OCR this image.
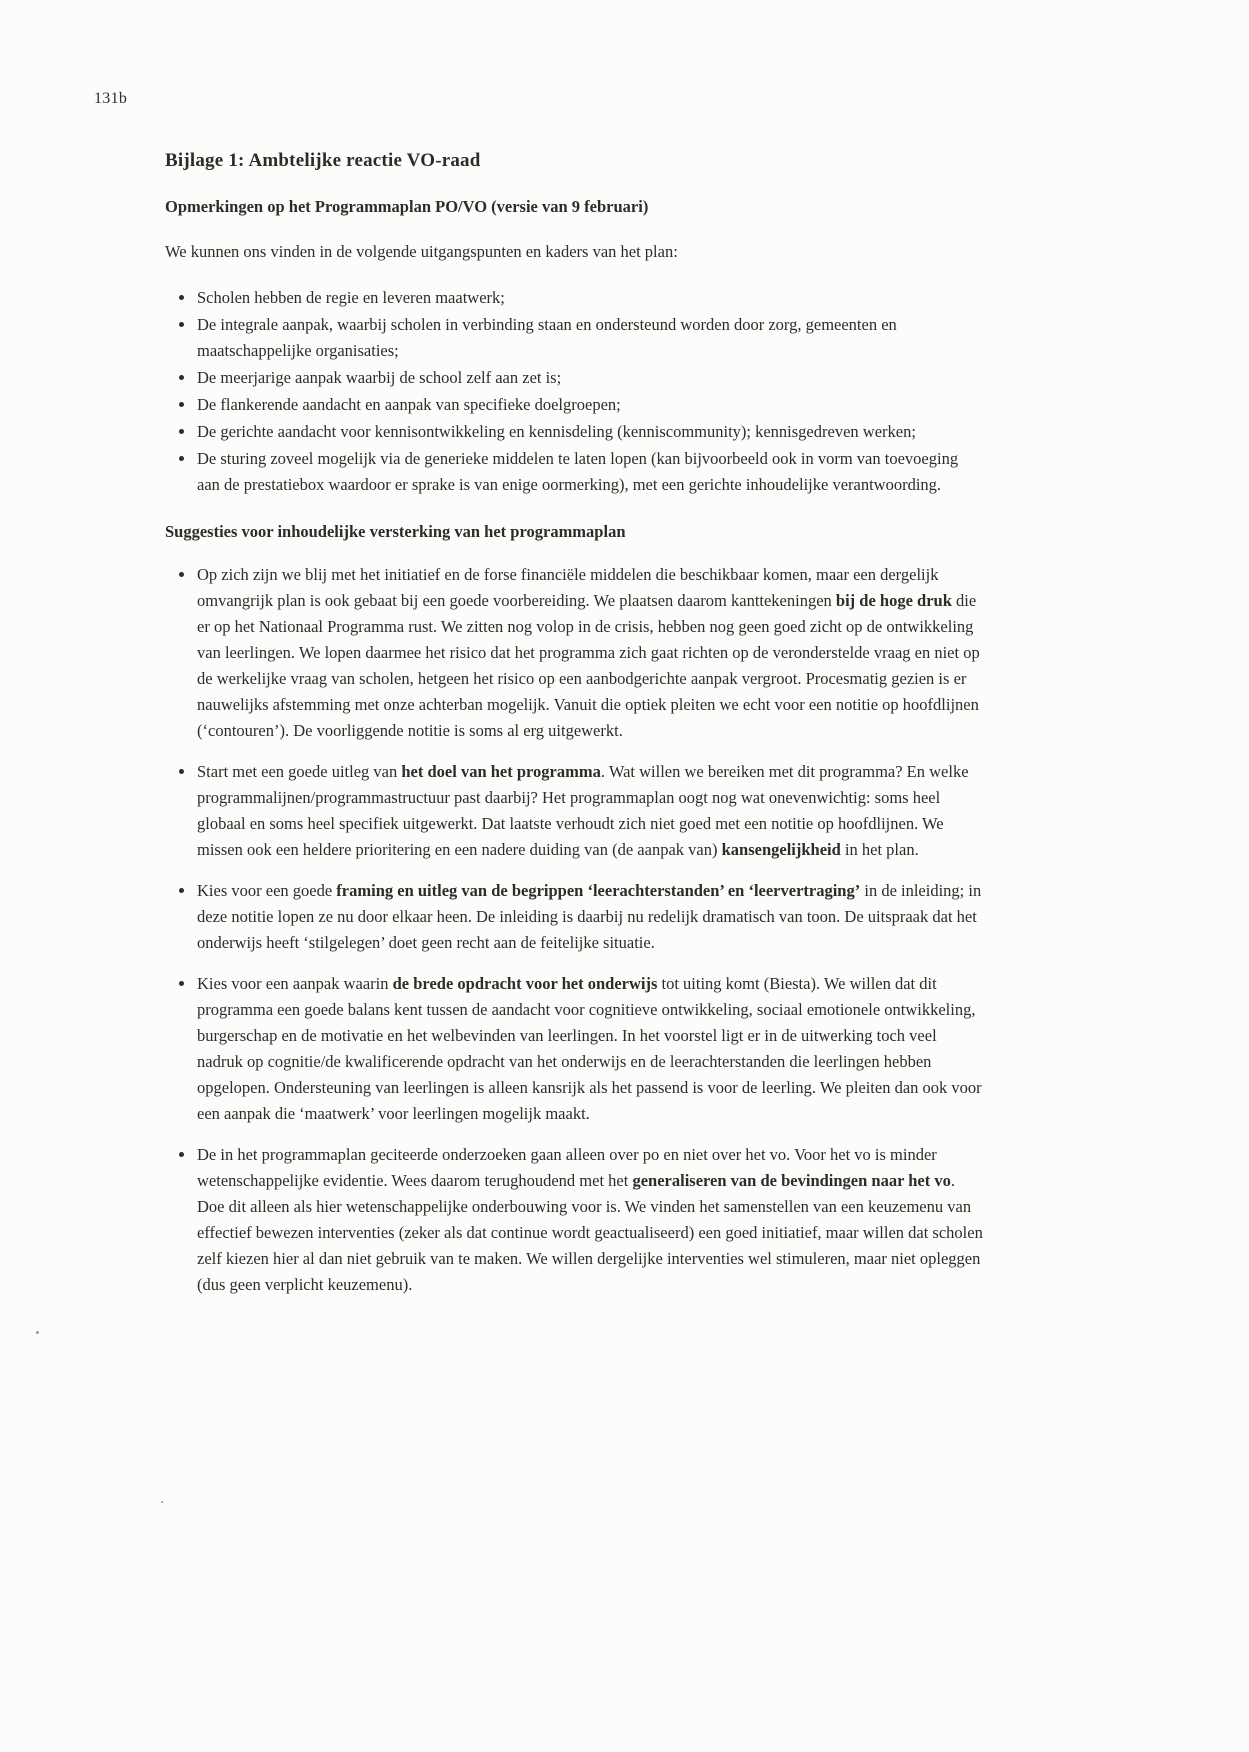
131b
Bijlage 1: Ambtelijke reactie VO-raad
Opmerkingen op het Programmaplan PO/VO (versie van 9 februari)

We kunnen ons vinden in de volgende uitgangspunten en kaders van het plan:

• Scholen hebben de regie en leveren maatwerk;
• De integrale aanpak, waarbij scholen in verbinding staan en ondersteund worden door zorg, gemeenten en maatschappelijke organisaties;
• De meerjarige aanpak waarbij de school zelf aan zet is;
• De flankerende aandacht en aanpak van specifieke doelgroepen;
• De gerichte aandacht voor kennisontwikkeling en kennisdeling (kenniscommunity); kennisgedreven werken;
• De sturing zoveel mogelijk via de generieke middelen te laten lopen (kan bijvoorbeeld ook in vorm van toevoeging aan de prestatiebox waardoor er sprake is van enige oormerking), met een gerichte inhoudelijke verantwoording.
Suggesties voor inhoudelijke versterking van het programmaplan
• Op zich zijn we blij met het initiatief en de forse financiële middelen die beschikbaar komen, maar een dergelijk omvangrijk plan is ook gebaat bij een goede voorbereiding. We plaatsen daarom kanttekeningen bij de hoge druk die er op het Nationaal Programma rust. We zitten nog volop in de crisis, hebben nog geen goed zicht op de ontwikkeling van leerlingen. We lopen daarmee het risico dat het programma zich gaat richten op de veronderstelde vraag en niet op de werkelijke vraag van scholen, hetgeen het risico op een aanbodgerichte aanpak vergroot. Procesmatig gezien is er nauwelijks afstemming met onze achterban mogelijk. Vanuit die optiek pleiten we echt voor een notitie op hoofdlijnen (‘contouren’). De voorliggende notitie is soms al erg uitgewerkt.
• Start met een goede uitleg van het doel van het programma. Wat willen we bereiken met dit programma? En welke programmalijnen/programmastructuur past daarbij? Het programmaplan oogt nog wat onevenwichtig: soms heel globaal en soms heel specifiek uitgewerkt. Dat laatste verhoudt zich niet goed met een notitie op hoofdlijnen. We missen ook een heldere prioritering en een nadere duiding van (de aanpak van) kansengelijkheid in het plan.
• Kies voor een goede framing en uitleg van de begrippen ‘leerachterstanden’ en ‘leervertraging’ in de inleiding; in deze notitie lopen ze nu door elkaar heen. De inleiding is daarbij nu redelijk dramatisch van toon. De uitspraak dat het onderwijs heeft ‘stilgelegen’ doet geen recht aan de feitelijke situatie.
• Kies voor een aanpak waarin de brede opdracht voor het onderwijs tot uiting komt (Biesta). We willen dat dit programma een goede balans kent tussen de aandacht voor cognitieve ontwikkeling, sociaal emotionele ontwikkeling, burgerschap en de motivatie en het welbevinden van leerlingen. In het voorstel ligt er in de uitwerking toch veel nadruk op cognitie/de kwalificerende opdracht van het onderwijs en de leerachterstanden die leerlingen hebben opgelopen. Ondersteuning van leerlingen is alleen kansrijk als het passend is voor de leerling. We pleiten dan ook voor een aanpak die ‘maatwerk’ voor leerlingen mogelijk maakt.
• De in het programmaplan geciteerde onderzoeken gaan alleen over po en niet over het vo. Voor het vo is minder wetenschappelijke evidentie. Wees daarom terughoudend met het generaliseren van de bevindingen naar het vo. Doe dit alleen als hier wetenschappelijke onderbouwing voor is. We vinden het samenstellen van een keuzemenu van effectief bewezen interventies (zeker als dat continue wordt geactualiseerd) een goed initiatief, maar willen dat scholen zelf kiezen hier al dan niet gebruik van te maken. We willen dergelijke interventies wel stimuleren, maar niet opleggen (dus geen verplicht keuzemenu).
